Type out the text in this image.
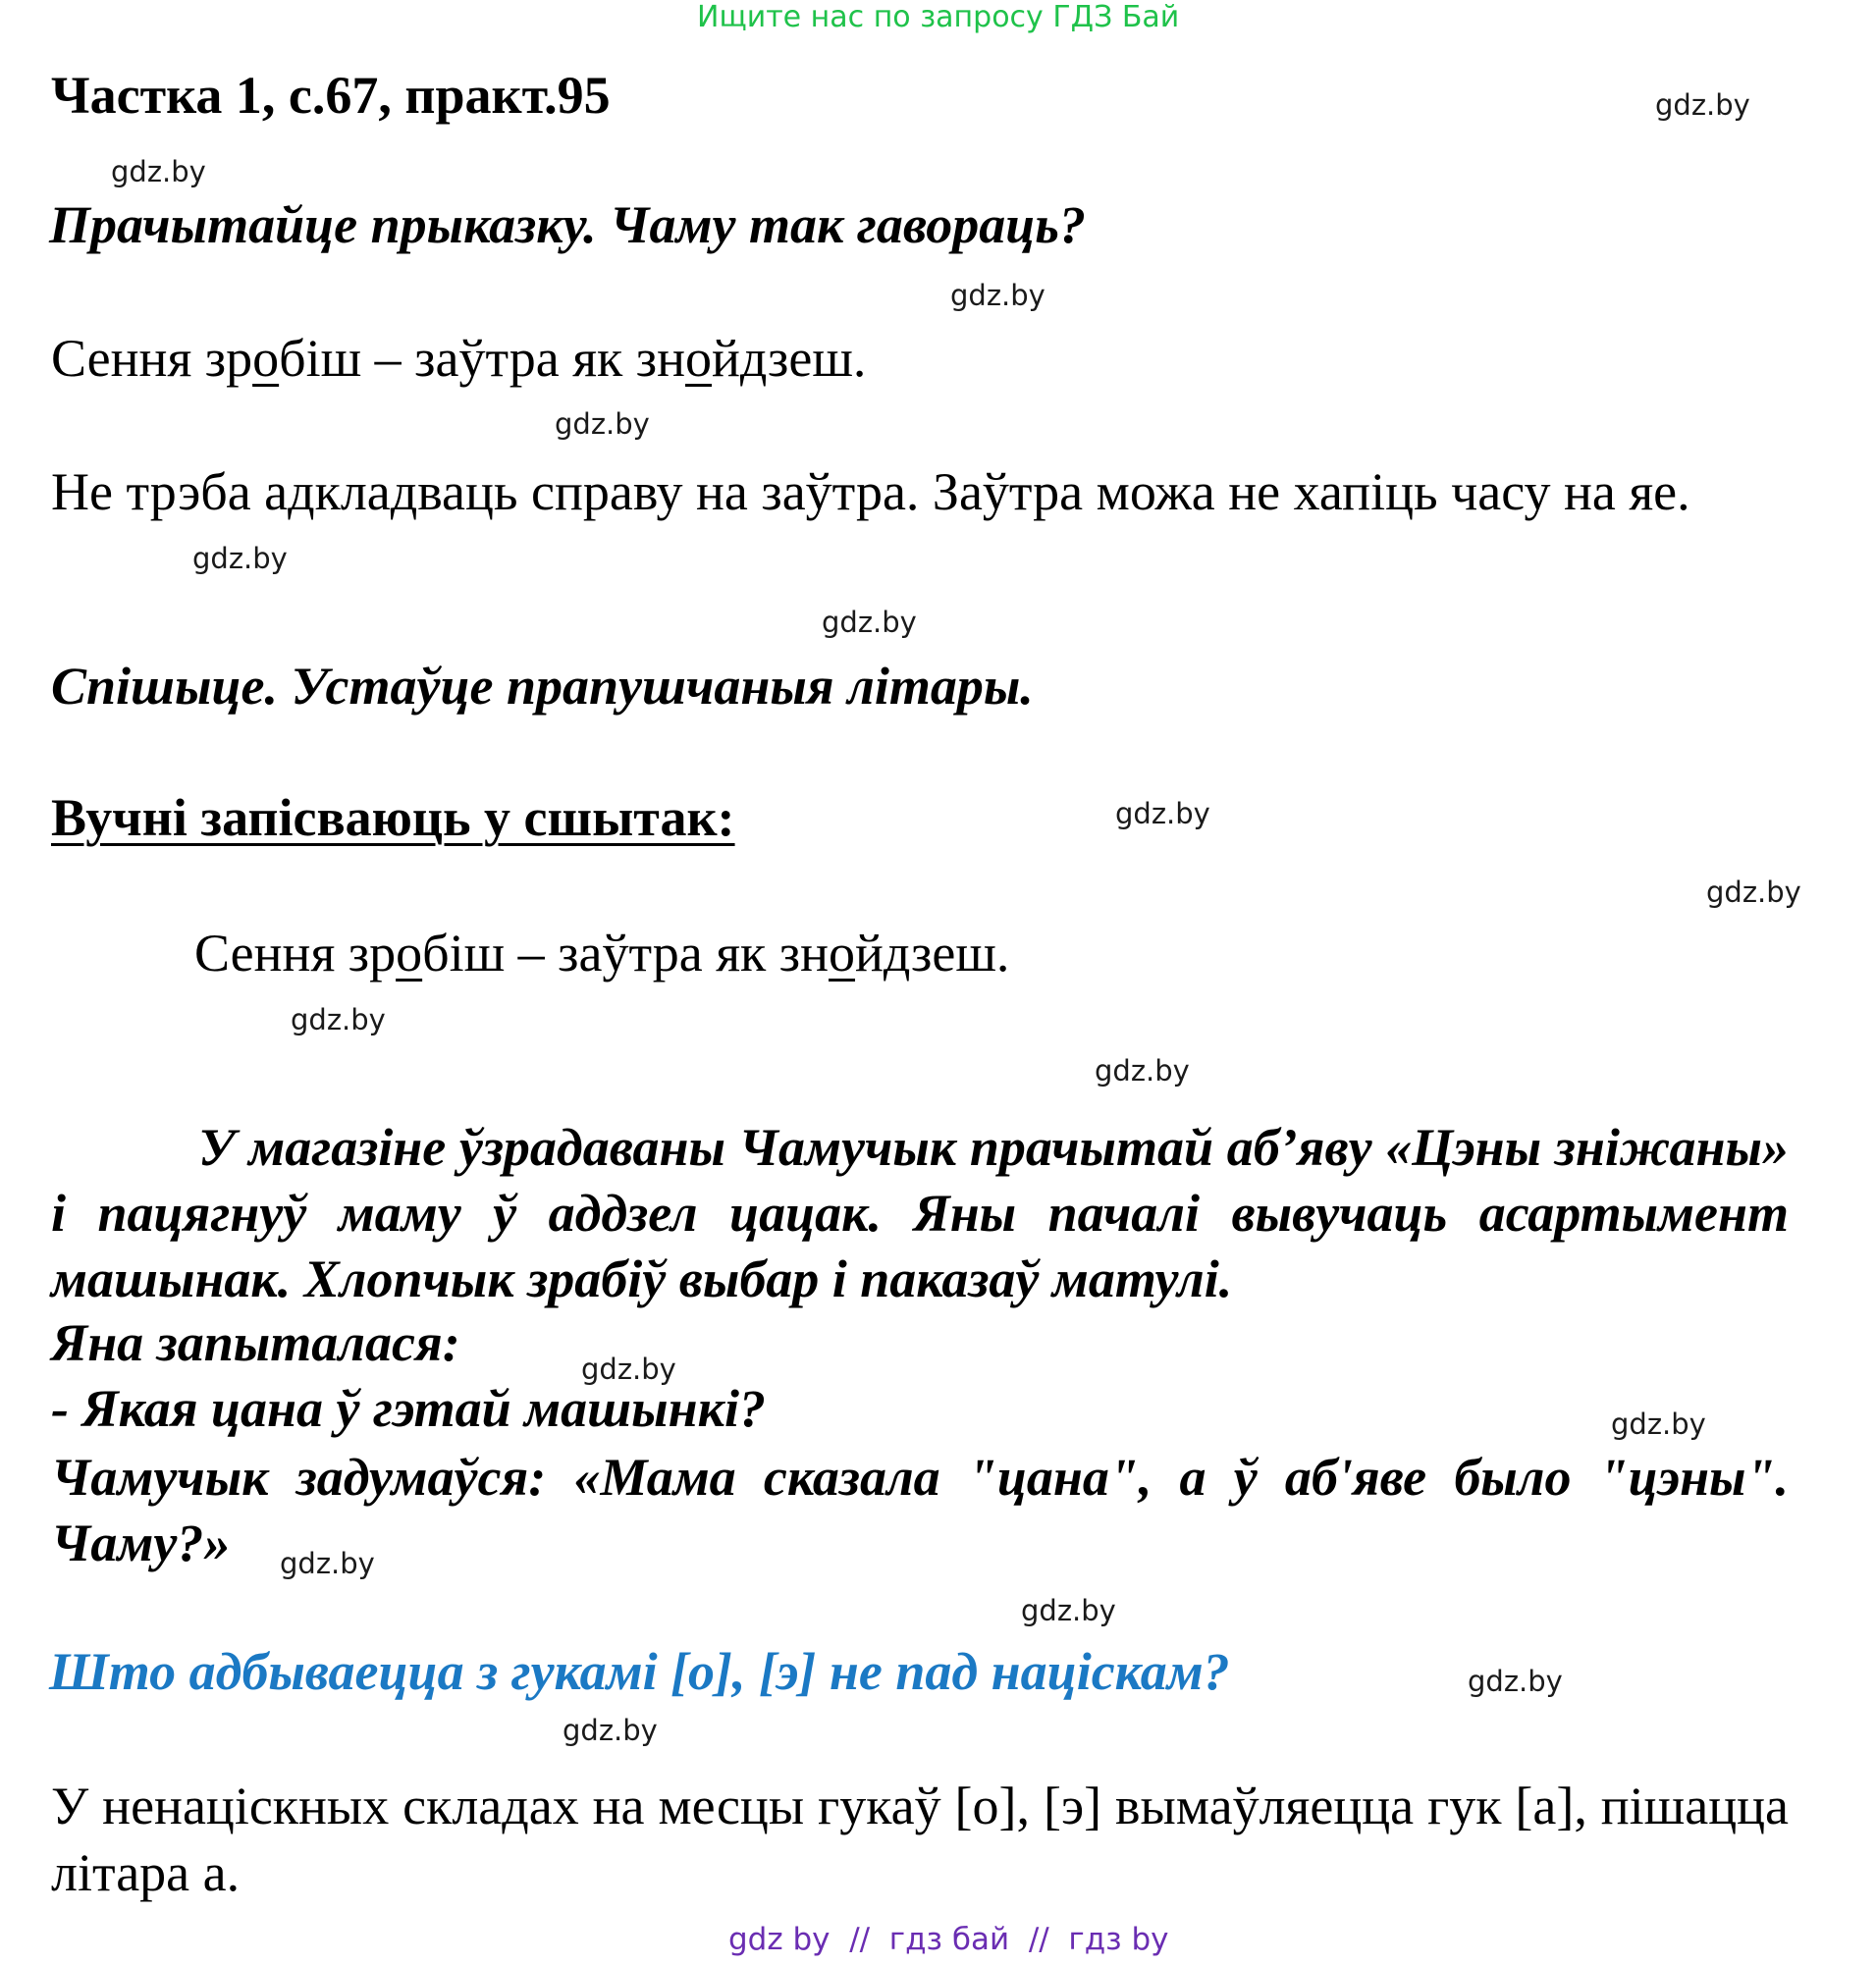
Ищите нас по запросу ГДЗ Бай
Частка 1, с.67, практ.95	gdz.by
gdz.by
Прачытайце прыказку. Чаму так гавораць?
gdz.by
Сення зробіш – заўтра як знойдзеш.
gdz.by
Не трэба адкладваць справу на заўтра. Заўтра можа не хапіць часу на яе.
gdz.by
gdz.by
Спішыце. Устаўце прапушчаныя літары.
Вучні запісваюць у сшытак:	gdz.by
gdz.by
Сення зробіш – заўтра як знойдзеш.
gdz.by
gdz.by
У магазіне ўзрадаваны Чамучык прачытай аб’яву «Цэны зніжаны» і пацягнуў маму ў аддзел цацак. Яны пачалі вывучаць асартымент машынак. Хлопчык зрабіў выбар і паказаў матулі.
Яна запыталася:	gdz.by
- Якая цана ў гэтай машынкі?	gdz.by
Чамучык задумаўся: «Мама сказала "цана", а ў аб'яве было "цэны". Чаму?»	gdz.by
gdz.by
Што адбываецца з гукамі [о], [э] не пад націскам?	gdz.by
gdz.by
У ненаціскных складах на месцы гукаў [о], [э] вымаўляецца гук [а], пішацца літара а.
gdz by  //  гдз бай  //  гдз by
